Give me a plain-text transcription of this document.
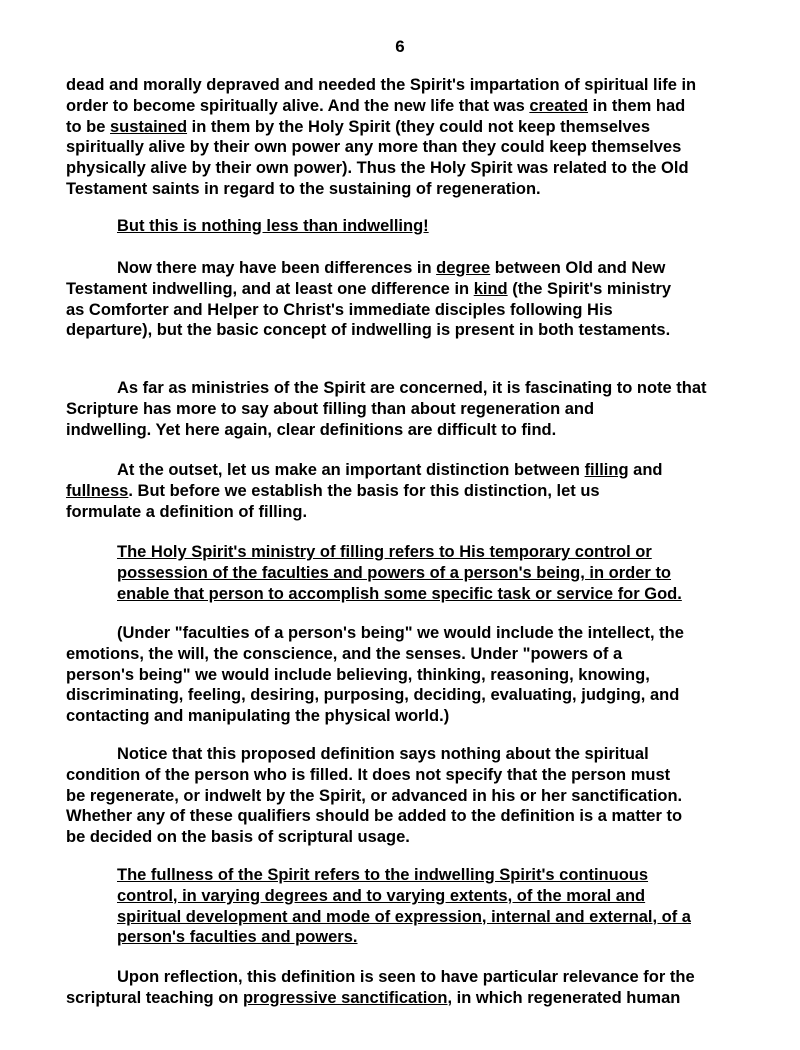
6

dead and morally depraved and needed the Spirit's impartation of spiritual life in
order to become spiritually alive. And the new life that was created in them had
to be sustained in them by the Holy Spirit (they could not keep themselves
spiritually alive by their own power any more than they could keep themselves
physically alive by their own power). Thus the Holy Spirit was related to the Old
Testament saints in regard to the sustaining of regeneration.

But this is nothing less than indwelling!

Now there may have been differences in degree between Old and New
Testament indwelling, and at least one difference in kind (the Spirit's ministry
as Comforter and Helper to Christ's immediate disciples following His
departure), but the basic concept of indwelling is present in both testaments.

As far as ministries of the Spirit are concerned, it is fascinating to note that
Scripture has more to say about filling than about regeneration and
indwelling. Yet here again, clear definitions are difficult to find.

At the outset, let us make an important distinction between filling and
fullness. But before we establish the basis for this distinction, let us
formulate a definition of filling.

The Holy Spirit's ministry of filling refers to His temporary control or
possession of the faculties and powers of a person's being, in order to
enable that person to accomplish some specific task or service for God.

(Under "faculties of a person's being" we would include the intellect, the
emotions, the will, the conscience, and the senses. Under "powers of a
person's being" we would include believing, thinking, reasoning, knowing,
discriminating, feeling, desiring, purposing, deciding, evaluating, judging, and
contacting and manipulating the physical world.)

Notice that this proposed definition says nothing about the spiritual
condition of the person who is filled. It does not specify that the person must
be regenerate, or indwelt by the Spirit, or advanced in his or her sanctification.
Whether any of these qualifiers should be added to the definition is a matter to
be decided on the basis of scriptural usage.

The fullness of the Spirit refers to the indwelling Spirit's continuous
control, in varying degrees and to varying extents, of the moral and
spiritual development and mode of expression, internal and external, of a
person's faculties and powers.

Upon reflection, this definition is seen to have particular relevance for the
scriptural teaching on progressive sanctification, in which regenerated human
